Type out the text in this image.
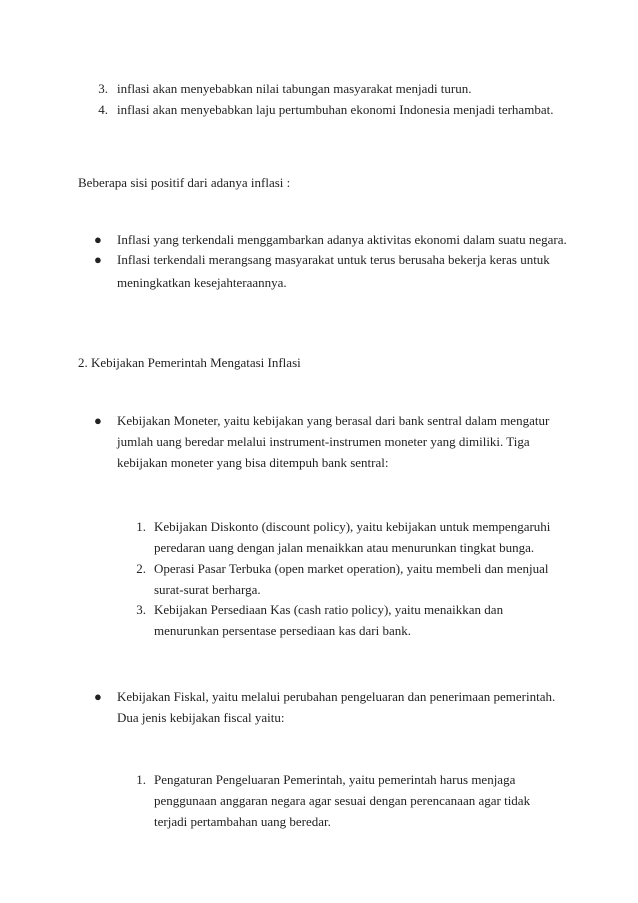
3. inflasi akan menyebabkan nilai tabungan masyarakat menjadi turun.
4. inflasi akan menyebabkan laju pertumbuhan ekonomi Indonesia menjadi terhambat.
Beberapa sisi positif dari adanya inflasi :
● Inflasi yang terkendali menggambarkan adanya aktivitas ekonomi dalam suatu negara.
● Inflasi terkendali merangsang masyarakat untuk terus berusaha bekerja keras untuk
meningkatkan kesejahteraannya.
2. Kebijakan Pemerintah Mengatasi Inflasi
● Kebijakan Moneter, yaitu kebijakan yang berasal dari bank sentral dalam mengatur
jumlah uang beredar melalui instrument-instrumen moneter yang dimiliki. Tiga
kebijakan moneter yang bisa ditempuh bank sentral:
1. Kebijakan Diskonto (discount policy), yaitu kebijakan untuk mempengaruhi
peredaran uang dengan jalan menaikkan atau menurunkan tingkat bunga.
2. Operasi Pasar Terbuka (open market operation), yaitu membeli dan menjual
surat-surat berharga.
3. Kebijakan Persediaan Kas (cash ratio policy), yaitu menaikkan dan
menurunkan persentase persediaan kas dari bank.
● Kebijakan Fiskal, yaitu melalui perubahan pengeluaran dan penerimaan pemerintah.
Dua jenis kebijakan fiscal yaitu:
1. Pengaturan Pengeluaran Pemerintah, yaitu pemerintah harus menjaga
penggunaan anggaran negara agar sesuai dengan perencanaan agar tidak
terjadi pertambahan uang beredar.
